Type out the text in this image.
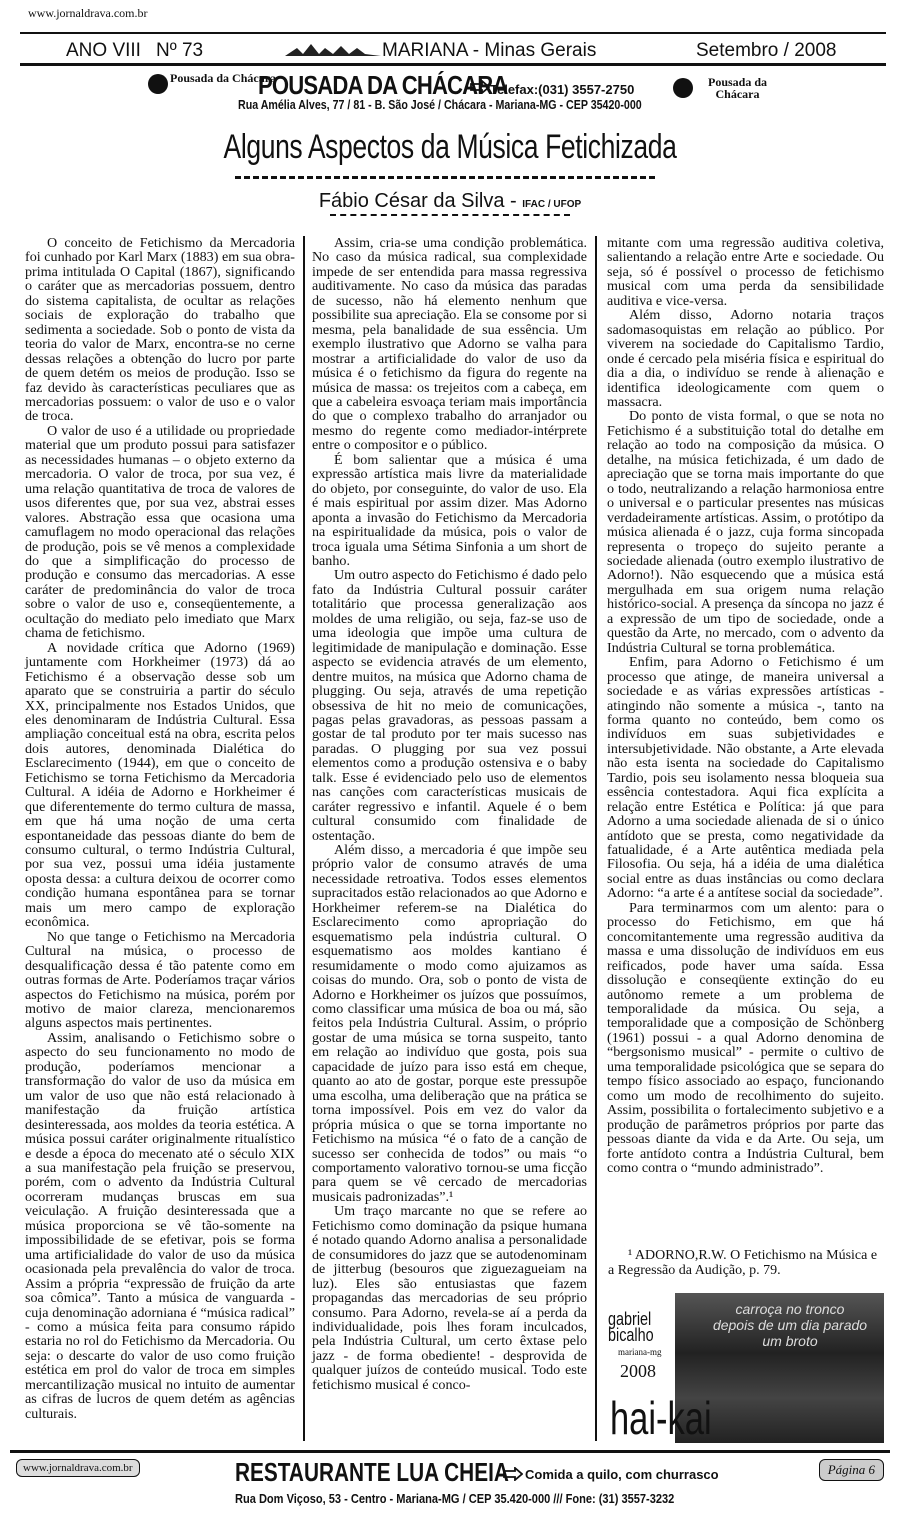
www.jornaldrava.com.br
ANO VIII Nº 73	MARIANA - Minas Gerais	Setembro / 2008
Pousada da Chácara
POUSADA DA CHÁCARA
Telefax:(031) 3557-2750	Pousada da Chácara
Rua Amélia Alves, 77 / 81 - B. São José / Chácara - Mariana-MG - CEP 35420-000
Alguns Aspectos da Música Fetichizada
Fábio César da Silva - IFAC / UFOP

O conceito de Fetichismo da Mercadoria foi cunhado por Karl Marx (1883) em sua obra-prima intitulada O Capital (1867), significando o caráter que as mercadorias possuem, dentro do sistema capitalista, de ocultar as relações sociais de exploração do trabalho que sedimenta a sociedade. Sob o ponto de vista da teoria do valor de Marx, encontra-se no cerne dessas relações a obtenção do lucro por parte de quem detém os meios de produção. Isso se faz devido às características peculiares que as mercadorias possuem: o valor de uso e o valor de troca.

O valor de uso é a utilidade ou propriedade material que um produto possui para satisfazer as necessidades humanas – o objeto externo da mercadoria. O valor de troca, por sua vez, é uma relação quantitativa de troca de valores de usos diferentes que, por sua vez, abstrai esses valores. Abstração essa que ocasiona uma camuflagem no modo operacional das relações de produção, pois se vê menos a complexidade do que a simplificação do processo de produção e consumo das mercadorias. A esse caráter de predominância do valor de troca sobre o valor de uso e, conseqüentemente, a ocultação do mediato pelo imediato que Marx chama de fetichismo.

A novidade crítica que Adorno (1969) juntamente com Horkheimer (1973) dá ao Fetichismo é a observação desse sob um aparato que se construiria a partir do século XX, principalmente nos Estados Unidos, que eles denominaram de Indústria Cultural. Essa ampliação conceitual está na obra, escrita pelos dois autores, denominada Dialética do Esclarecimento (1944), em que o conceito de Fetichismo se torna Fetichismo da Mercadoria Cultural. A idéia de Adorno e Horkheimer é que diferentemente do termo cultura de massa, em que há uma noção de uma certa espontaneidade das pessoas diante do bem de consumo cultural, o termo Indústria Cultural, por sua vez, possui uma idéia justamente oposta dessa: a cultura deixou de ocorrer como condição humana espontânea para se tornar mais um mero campo de exploração econômica.

No que tange o Fetichismo na Mercadoria Cultural na música, o processo de desqualificação dessa é tão patente como em outras formas de Arte. Poderíamos traçar vários aspectos do Fetichismo na música, porém por motivo de maior clareza, mencionaremos alguns aspectos mais pertinentes.

Assim, analisando o Fetichismo sobre o aspecto do seu funcionamento no modo de produção, poderíamos mencionar a transformação do valor de uso da música em um valor de uso que não está relacionado à manifestação da fruição artística desinteressada, aos moldes da teoria estética. A música possui caráter originalmente ritualístico e desde a época do mecenato até o século XIX a sua manifestação pela fruição se preservou, porém, com o advento da Indústria Cultural ocorreram mudanças bruscas em sua veiculação. A fruição desinteressada que a música proporciona se vê tão-somente na impossibilidade de se efetivar, pois se forma uma artificialidade do valor de uso da música ocasionada pela prevalência do valor de troca. Assim a própria “expressão de fruição da arte soa cômica”. Tanto a música de vanguarda - cuja denominação adorniana é “música radical” - como a música feita para consumo rápido estaria no rol do Fetichismo da Mercadoria. Ou seja: o descarte do valor de uso como fruição estética em prol do valor de troca em simples mercantilização musical no intuito de aumentar as cifras de lucros de quem detém as agências culturais.

Assim, cria-se uma condição problemática. No caso da música radical, sua complexidade impede de ser entendida para massa regressiva auditivamente. No caso da música das paradas de sucesso, não há elemento nenhum que possibilite sua apreciação. Ela se consome por si mesma, pela banalidade de sua essência. Um exemplo ilustrativo que Adorno se valha para mostrar a artificialidade do valor de uso da música é o fetichismo da figura do regente na música de massa: os trejeitos com a cabeça, em que a cabeleira esvoaça teriam mais importância do que o complexo trabalho do arranjador ou mesmo do regente como mediador-intérprete entre o compositor e o público.

É bom salientar que a música é uma expressão artística mais livre da materialidade do objeto, por conseguinte, do valor de uso. Ela é mais espiritual por assim dizer. Mas Adorno aponta a invasão do Fetichismo da Mercadoria na espiritualidade da música, pois o valor de troca iguala uma Sétima Sinfonia a um short de banho.

Um outro aspecto do Fetichismo é dado pelo fato da Indústria Cultural possuir caráter totalitário que processa generalização aos moldes de uma religião, ou seja, faz-se uso de uma ideologia que impõe uma cultura de legitimidade de manipulação e dominação. Esse aspecto se evidencia através de um elemento, dentre muitos, na música que Adorno chama de plugging. Ou seja, através de uma repetição obsessiva de hit no meio de comunicações, pagas pelas gravadoras, as pessoas passam a gostar de tal produto por ter mais sucesso nas paradas. O plugging por sua vez possui elementos como a produção ostensiva e o baby talk. Esse é evidenciado pelo uso de elementos nas canções com características musicais de caráter regressivo e infantil. Aquele é o bem cultural consumido com finalidade de ostentação.

Além disso, a mercadoria é que impõe seu próprio valor de consumo através de uma necessidade retroativa. Todos esses elementos supracitados estão relacionados ao que Adorno e Horkheimer referem-se na Dialética do Esclarecimento como apropriação do esquematismo pela indústria cultural. O esquematismo aos moldes kantiano é resumidamente o modo como ajuizamos as coisas do mundo. Ora, sob o ponto de vista de Adorno e Horkheimer os juízos que possuímos, como classificar uma música de boa ou má, são feitos pela Indústria Cultural. Assim, o próprio gostar de uma música se torna suspeito, tanto em relação ao indivíduo que gosta, pois sua capacidade de juízo para isso está em cheque, quanto ao ato de gostar, porque este pressupõe uma escolha, uma deliberação que na prática se torna impossível. Pois em vez do valor da própria música o que se torna importante no Fetichismo na música “é o fato de a canção de sucesso ser conhecida de todos” ou mais “o comportamento valorativo tornou-se uma ficção para quem se vê cercado de mercadorias musicais padronizadas”.¹

Um traço marcante no que se refere ao Fetichismo como dominação da psique humana é notado quando Adorno analisa a personalidade de consumidores do jazz que se autodenominam de jitterbug (besouros que ziguezagueiam na luz). Eles são entusiastas que fazem propagandas das mercadorias de seu próprio consumo. Para Adorno, revela-se aí a perda da individualidade, pois lhes foram inculcados, pela Indústria Cultural, um certo êxtase pelo jazz - de forma obediente! - desprovida de qualquer juízos de conteúdo musical. Todo este fetichismo musical é conco-

mitante com uma regressão auditiva coletiva, salientando a relação entre Arte e sociedade. Ou seja, só é possível o processo de fetichismo musical com uma perda da sensibilidade auditiva e vice-versa.

Além disso, Adorno notaria traços sadomasoquistas em relação ao público. Por viverem na sociedade do Capitalismo Tardio, onde é cercado pela miséria física e espiritual do dia a dia, o indivíduo se rende à alienação e identifica ideologicamente com quem o massacra.

Do ponto de vista formal, o que se nota no Fetichismo é a substituição total do detalhe em relação ao todo na composição da música. O detalhe, na música fetichizada, é um dado de apreciação que se torna mais importante do que o todo, neutralizando a relação harmoniosa entre o universal e o particular presentes nas músicas verdadeiramente artísticas. Assim, o protótipo da música alienada é o jazz, cuja forma sincopada representa o tropeço do sujeito perante a sociedade alienada (outro exemplo ilustrativo de Adorno!). Não esquecendo que a música está mergulhada em sua origem numa relação histórico-social. A presença da síncopa no jazz é a expressão de um tipo de sociedade, onde a questão da Arte, no mercado, com o advento da Indústria Cultural se torna problemática.

Enfim, para Adorno o Fetichismo é um processo que atinge, de maneira universal a sociedade e as várias expressões artísticas - atingindo não somente a música -, tanto na forma quanto no conteúdo, bem como os indivíduos em suas subjetividades e intersubjetividade. Não obstante, a Arte elevada não esta isenta na sociedade do Capitalismo Tardio, pois seu isolamento nessa bloqueia sua essência contestadora. Aqui fica explícita a relação entre Estética e Política: já que para Adorno a uma sociedade alienada de si o único antídoto que se presta, como negatividade da fatualidade, é a Arte autêntica mediada pela Filosofia. Ou seja, há a idéia de uma dialética social entre as duas instâncias ou como declara Adorno: “a arte é a antítese social da sociedade”.

Para terminarmos com um alento: para o processo do Fetichismo, em que há concomitantemente uma regressão auditiva da massa e uma dissolução de indivíduos em eus reificados, pode haver uma saída. Essa dissolução e conseqüente extinção do eu autônomo remete a um problema de temporalidade da música. Ou seja, a temporalidade que a composição de Schönberg (1961) possui - a qual Adorno denomina de “bergsonismo musical” - permite o cultivo de uma temporalidade psicológica que se separa do tempo físico associado ao espaço, funcionando como um modo de recolhimento do sujeito. Assim, possibilita o fortalecimento subjetivo e a produção de parâmetros próprios por parte das pessoas diante da vida e da Arte. Ou seja, um forte antídoto contra a Indústria Cultural, bem como contra o “mundo administrado”.

¹ ADORNO,R.W. O Fetichismo na Música e a Regressão da Audição, p. 79.
gabriel
bicalho
mariana-mg
2008
carroça no tronco
depois de um dia parado
um broto
hai-kai
www.jornaldrava.com.br	RESTAURANTE LUA CHEIA Comida a quilo, com churrasco
Rua Dom Viçoso, 53 - Centro - Mariana-MG / CEP 35.420-000 /// Fone: (31) 3557-3232
Página 6
